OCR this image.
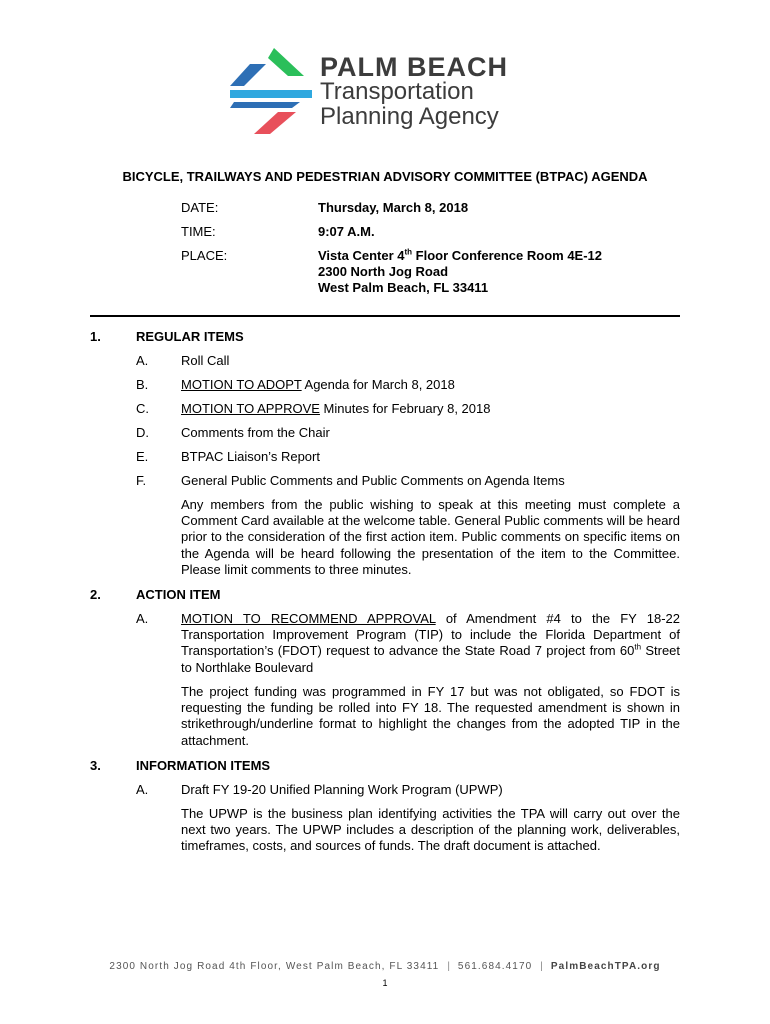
PALM BEACH
Transportation
Planning Agency
BICYCLE, TRAILWAYS AND PEDESTRIAN ADVISORY COMMITTEE (BTPAC) AGENDA
DATE:	Thursday, March 8, 2018
TIME:	9:07 A.M.
PLACE:	Vista Center 4th Floor Conference Room 4E-12
2300 North Jog Road
West Palm Beach, FL 33411
1.	REGULAR ITEMS
A.	Roll Call
B.	MOTION TO ADOPT Agenda for March 8, 2018
C. MOTION TO APPROVE Minutes for February 8, 2018
D. Comments from the Chair
E.	BTPAC Liaison’s Report
F.	General Public Comments and Public Comments on Agenda Items
Any members from the public wishing to speak at this meeting must complete a Comment Card available at the welcome table. General Public comments will be heard prior to the consideration of the first action item. Public comments on specific items on the Agenda will be heard following the presentation of the item to the Committee. Please limit comments to three minutes.
2.	ACTION ITEM
A.	MOTION TO RECOMMEND APPROVAL of Amendment #4 to the FY 18-22 Transportation Improvement Program (TIP) to include the Florida Department of Transportation’s (FDOT) request to advance the State Road 7 project from 60th Street to Northlake Boulevard
The project funding was programmed in FY 17 but was not obligated, so FDOT is requesting the funding be rolled into FY 18. The requested amendment is shown in strikethrough/underline format to highlight the changes from the adopted TIP in the attachment.
3.	INFORMATION ITEMS
A.	Draft FY 19-20 Unified Planning Work Program (UPWP)
The UPWP is the business plan identifying activities the TPA will carry out over the next two years. The UPWP includes a description of the planning work, deliverables, timeframes, costs, and sources of funds. The draft document is attached.
2300 North Jog Road 4th Floor, West Palm Beach, FL 33411 | 561.684.4170 | PalmBeachTPA.org
1
